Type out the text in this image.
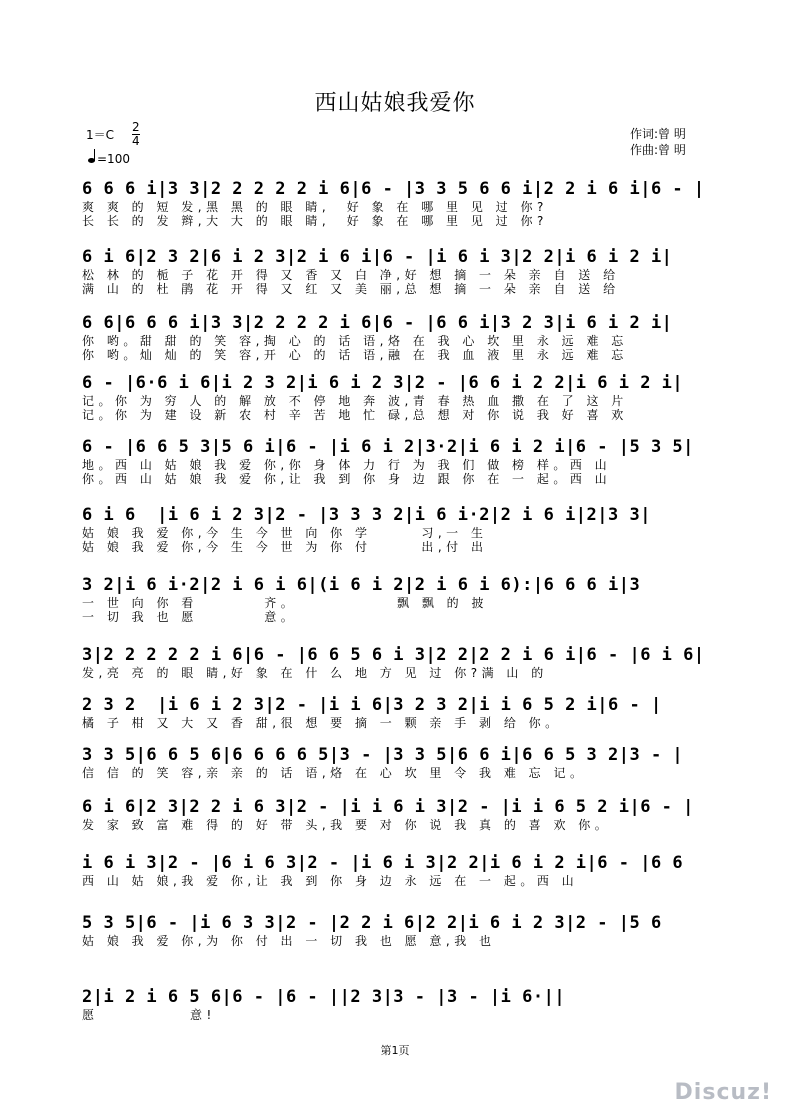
西山姑娘我爱你
$1=C \frac{2}{4}$
=100
作词:曾 明
作曲:曾 明
6 6 6 i|3 3|2 2 2 2 2 i 6|6 - |3 3 5 6 6 i|2 2 i 6 i|6 - |
爽 爽 的 短 发,黑 黑 的 眼 睛,  好 象 在 哪 里 见 过 你?
长 长 的 发 辫,大 大 的 眼 睛,  好 象 在 哪 里 见 过 你?
6 i 6|2 3 2|6 i 2 3|2 i 6 i|6 - |i 6 i 3|2 2|i 6 i 2 i|
松 林 的 栀 子 花 开 得 又 香 又 白 净,好 想 摘 一 朵 亲 自 送 给
满 山 的 杜 鹃 花 开 得 又 红 又 美 丽,总 想 摘 一 朵 亲 自 送 给
6 6|6 6 6 i|3 3|2 2 2 2 i 6|6 - |6 6 i|3 2 3|i 6 i 2 i|
你 哟。甜 甜 的 笑 容,掏 心 的 话 语,烙 在 我 心 坎 里 永 远 难 忘
你 哟。灿 灿 的 笑 容,开 心 的 话 语,融 在 我 血 液 里 永 远 难 忘
6 - |6·6 i 6|i 2 3 2|i 6 i 2 3|2 - |6 6 i 2 2|i 6 i 2 i|
记。你 为 穷 人 的 解 放 不 停 地 奔 波,青 春 热 血 撒 在 了 这 片
记。你 为 建 设 新 农 村 辛 苦 地 忙 碌,总 想 对 你 说 我 好 喜 欢
6 - |6 6 5 3|5 6 i|6 - |i 6 i 2|3·2|i 6 i 2 i|6 - |5 3 5|
地。西 山 姑 娘 我 爱 你,你 身 体 力 行 为 我 们 做 榜 样。西 山
你。西 山 姑 娘 我 爱 你,让 我 到 你 身 边 跟 你 在 一 起。西 山
6 i 6  |i 6 i 2 3|2 - |3 3 3 2|i 6 i·2|2 i 6 i|2|3 3|
姑 娘 我 爱 你,今 生 今 世 向 你 学      习,一 生
姑 娘 我 爱 你,今 生 今 世 为 你 付      出,付 出
3 2|i 6 i·2|2 i 6 i 6|(i 6 i 2|2 i 6 i 6):|6 6 6 i|3
一 世 向 你 看        齐。            飘 飘 的 披
一 切 我 也 愿        意。
3|2 2 2 2 2 i 6|6 - |6 6 5 6 i 3|2 2|2 2 i 6 i|6 - |6 i 6|
发,亮 亮 的 眼 睛,好 象 在 什 么 地 方 见 过 你?满 山 的
2 3 2  |i 6 i 2 3|2 - |i i 6|3 2 3 2|i i 6 5 2 i|6 - |
橘 子 柑 又 大 又 香 甜,很 想 要 摘 一 颗 亲 手 剥 给 你。
3 3 5|6 6 5 6|6 6 6 6 5|3 - |3 3 5|6 6 i|6 6 5 3 2|3 - |
信 信 的 笑 容,亲 亲 的 话 语,烙 在 心 坎 里 令 我 难 忘 记。
6 i 6|2 3|2 2 i 6 3|2 - |i i 6 i 3|2 - |i i 6 5 2 i|6 - |
发 家 致 富 难 得 的 好 带 头,我 要 对 你 说 我 真 的 喜 欢 你。
i 6 i 3|2 - |6 i 6 3|2 - |i 6 i 3|2 2|i 6 i 2 i|6 - |6 6
西 山 姑 娘,我 爱 你,让 我 到 你 身 边 永 远 在 一 起。西 山
5 3 5|6 - |i 6 3 3|2 - |2 2 i 6|2 2|i 6 i 2 3|2 - |5 6
姑 娘 我 爱 你,为 你 付 出 一 切 我 也 愿 意,我 也
2|i 2 i 6 5 6|6 - |6 - ||2 3|3 - |3 - |i 6·||
愿           意!
第1页
Discuz!
